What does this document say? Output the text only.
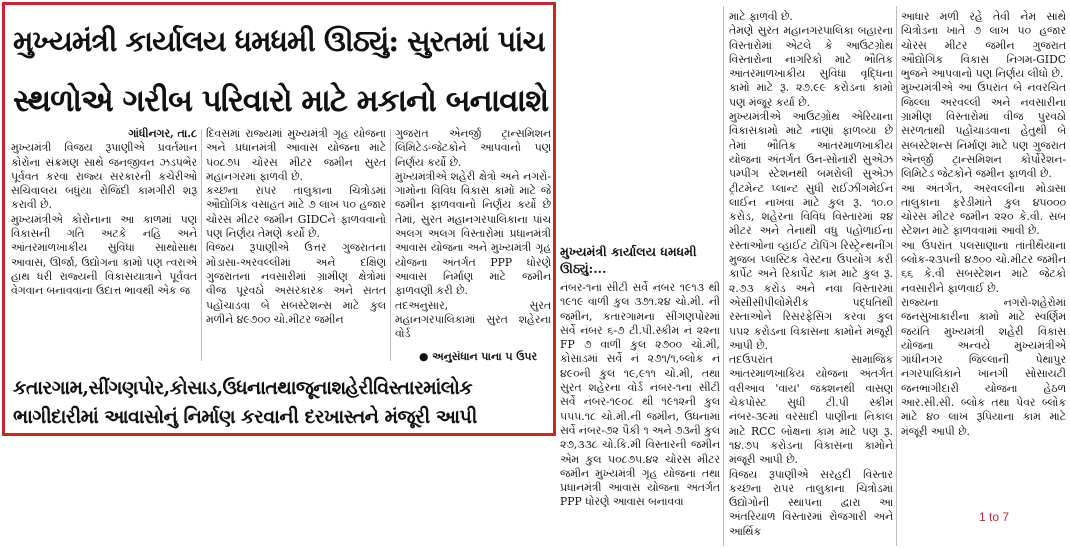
મુખ્યમંત્રી કાર્યાલય ધમધમી ઊઠ્યું: સુરતમાં પાંચ
સ્થળોએ ગરીબ પરિવારો માટે મકાનો બનાવાશે
ગાંધીનગર, તા.૮
મુખ્યમંત્રી વિજય રૂપાણીએ પ્રવર્તમાન કોરોના સંક્રમણ સાથે જનજીવન ઝડપભેર પૂર્વવત કરવા રાજ્ય સરકારની કચેરીઓ સચિવાલય બધુંયા રોજિંદી કામગીરી શરૂ કરાવી છે.
મુખ્યમંત્રીએ કોરોનાના આ કાળમાં પણ વિકાસની ગતિ અટકે નહિ અને આંતરમાળખાકીય સુવિધા સાથોસાથ આવાસ, ઊર્જા, ઉદ્યોગના કામો પણ ત્વરાએ હાથ ધરી રાજ્યની વિકાસયાત્રાને પૂર્વવત વેગવાન બનાવવાના ઉદાત્ત ભાવથી એક જ
દિવસમાં રાજ્યમાં મુખ્યમંત્રી ગૃહ યોજના અને પ્રધાનમંત્રી આવાસ યોજના માટે ૫૦૮૭૫ ચોરસ મીટર જમીન સુરત મહાનગરમાં ફાળવી છે.
કચ્છના રાપર તાલુકાના ચિત્રોડમાં ઔદ્યોગિક વસાહત માટે ૭ લાખ ૫૦ હજાર ચોરસ મીટર જમીન GIDCને ફાળવવાનો પણ નિર્ણય તેમણે કર્યો છે.
વિજય રૂપાણીએ ઉત્તર ગુજરાતના મોડાસા-અરવલ્લીમાં અને દક્ષિણ ગુજરાતના નવસારીમાં ગ્રામીણ ક્ષેત્રોમાં વીજ પૂરવઠો અસરકારક અને સતત પહોંચાડવા બે સબસ્ટેશન્સ માટે કુલ મળીને ૪૯૭૦૦ ચો.મીટર જમીન
ગુજરાત એનર્જી ટ્રાન્સમિશન લિમિટેડ-જેટકોને આપવાનો પણ નિર્ણય કર્યો છે.
મુખ્યમંત્રીએ શહેરી ક્ષેત્રો અને નગરો-ગામોના વિવિધ વિકાસ કામો માટે જે જમીન ફાળવવાનો નિર્ણય કર્યો છે તેમાં, સુરત મહાનગરપાલિકાના પાંચ અલગ અલગ વિસ્તારોમાં પ્રધાનમંત્રી આવાસ યોજના અને મુખ્યમંત્રી ગૃહ યોજના અંતર્ગત PPP ધોરણે આવાસ નિર્માણ માટે જમીન ફાળવણી કરી છે.
તદઅનુસાર, સુરત મહાનગરપાલિકામાં સુરત શહેરના વોર્ડ
● અનુસંધાન પાના ૫ ઉપર
કતારગામ,સીંગણપોર,કોસાડ,ઉધનાતથાજૂનાશહેરીવિસ્તારમાંલોક
ભાગીદારીમાં આવાસોનું નિર્માણ કરવાની દરખાસ્તને મંજૂરી આપી
મુખ્યમંત્રી કાર્યાલય ધમધમી ઊઠ્યું:...
નંબર-૧ના સીટી સર્વે નંબર ૧૯૧૩ થી ૧૯૧૯ વાળી કુલ ૩૭૧.૨૪ ચો.મી. ની જમીન, કતારગામના સીંગણપોરમાં સર્વે નંબર ૬-૭ ટી.પી.સ્કીમ નં ૨૨ના FP ૭ વાળી કુલ ૨૭૦૦ ચો.મી, કોસાડમાં સર્વે નં ૨૭૧/૧,બ્લોક નં ૪૯૦ની કુલ ૧૯,૯૧૧ ચો.મી, તથા સુરત શહેરના વોર્ડ નંબર-૧ના સીટી સર્વે નંબર-૧૯૦૮ થી ૧૯૧૨ની કુલ ૫૫૫.૧૮ ચો.મી.ની જમીન, ઉધનામાં સર્વે નંબર-૭૨ પૈકી ૧ અને ૭૩ની કુલ ૨૭,૩૩૮ ચો.કિ.મી વિસ્તારની જમીન એમ કુલ ૫૦૮૭૫.૪૨ ચોરસ મીટર જમીન મુખ્યમંત્રી ગૃહ યોજના તથા પ્રધાનમંત્રી આવાસ યોજના અંતર્ગત PPP ધોરણે આવાસ બનાવવા
માટે ફાળવી છે.
તેમણે સુરત મહાનગરપાલિકા બહારના વિસ્તારોમાં એટલે કે આઉટગ્રોથ વિસ્તારોના નાગરિકો માટે ભૌતિક આંતરમાળખાકીય સુવિધા વૃદ્ધિના કામો માટે રૂ. ૨૭.૯૯ કરોડના કામો પણ મંજૂર કર્યા છે.
મુખ્યમંત્રીએ આઉટગ્રોથ એરિયાના વિકાસકામો માટે નાણાં ફાળવ્યા છે તેમાં ભૌતિક આંતરમાળખાકીય યોજના અંતર્ગત ઉન-સોનારી સુએઝ પમ્પીંગ સ્ટેશનથી બમરોલી સુએઝ ટ્રીટમેન્ટ પ્લાન્ટ સુધી રાઈઝીંગમેઈન લાઈન નાખવા માટે કુલ રૂ. ૧૦.૦ કરોડ, શહેરના વિવિધ વિસ્તારમાં ૨૪ મીટર અને તેનાથી વધુ પહોળાઈના રસ્તાઓના વ્હાઈટ ટોપિંગ રિસ્ટ્રેન્થનીંગ મુજબ પ્લાસ્ટિક વેસ્ટના ઉપયોગ કરી કાર્પેટ અને રિકાર્પેટ કામ માટે કુલ રૂ. ૨.૭૩ કરોડ અને નવા વિસ્તારમાં એસીસીપીલોમેરીક પદ્ધતિથી રસ્તાઓને રિસરફેસિંગ કરવા કુલ ૫૫૨ કરોડના વિકાસના કામોને મંજૂરી આપી છે.
તદઉપરાંત સામાજિક આંતરમાળખાકિય યોજના અંતર્ગત વરીઆવ 'વાય' જંક્શનથી વાસણ ચેકપોસ્ટ સુધી ટી.પી સ્કીમ નંબર-૩૯માં વરસાદી પાણીના નિકાલ માટે RCC બોક્ષના કામ માટે પણ રૂ. ૧૪.૭૫ કરોડના વિકાસના કામોને મંજૂરી આપી છે.
વિજય રૂપાણીએ સરહદી વિસ્તાર કચ્છના રાપર તાલુકાના ચિત્રોડમાં ઉદ્યોગોની સ્થાપના દ્વારા આ અંતરિયાળ વિસ્તારમાં રોજગારી અને આર્થિક
આધાર મળી રહે તેવી નેમ સાથે ચિત્રોડના ખાતે ૭ લાખ ૫૦ હજાર ચોરસ મીટર જમીન ગુજરાત ઔદ્યોગિક વિકાસ નિગમ-GIDC ભુજને આપવાનો પણ નિર્ણય લીધો છે.
મુખ્યમંત્રીએ આ ઉપરાંત બે નવરચિત જિલ્લા અરવલ્લી અને નવસારીના ગ્રામીણ વિસ્તારોમાં વીજ પુરવઠો સરળતાથી પહોંચાડવાના હેતુથી બે સબસ્ટેશન્સ નિર્માણ માટે પણ ગુજરાત એનર્જી ટ્રાન્સમિશન કોર્પોરેશન-લિમિટેડ જેટકોને જમીન ફાળવી છે.
આ અંતર્ગત, અરવલ્લીના મોડાસા તાલુકાના ફરેડીમાંતે કુલ ૪૫૦૦૦ ચોરસ મીટર જમીન ૨૨૦ કે.વી. સબ સ્ટેશન માટે ફાળવવામાં આવી છે.
આ ઉપરાંત પલસાણાના તાંતીથૈયાના બ્લોક-૨૩૫ની ૪૭૦૦ ચો.મીટર જમીન ૬૬ કે.વી સબસ્ટેશન માટે જેટકો નવસારીને ફાળવાઈ છે.
રાજ્યના નગરો-શહેરોમાં જનસુખાકારીના કામો માટે સ્વર્ણિમ જયંતિ મુખ્યમંત્રી શહેરી વિકાસ યોજના અન્વયે મુખ્યમંત્રીએ ગાંધીનગર જિલ્લાની પેથાપુર નગરપાલિકાને ખાનગી સોસાયટી જનભાગીદારી યોજના હેઠળ આર.સી.સી. બ્લોક તથા પેવર બ્લોક માટે ૪૦ લાખ રૂપિયાના કામ માટે મંજૂરી આપી છે.
1 to 7
